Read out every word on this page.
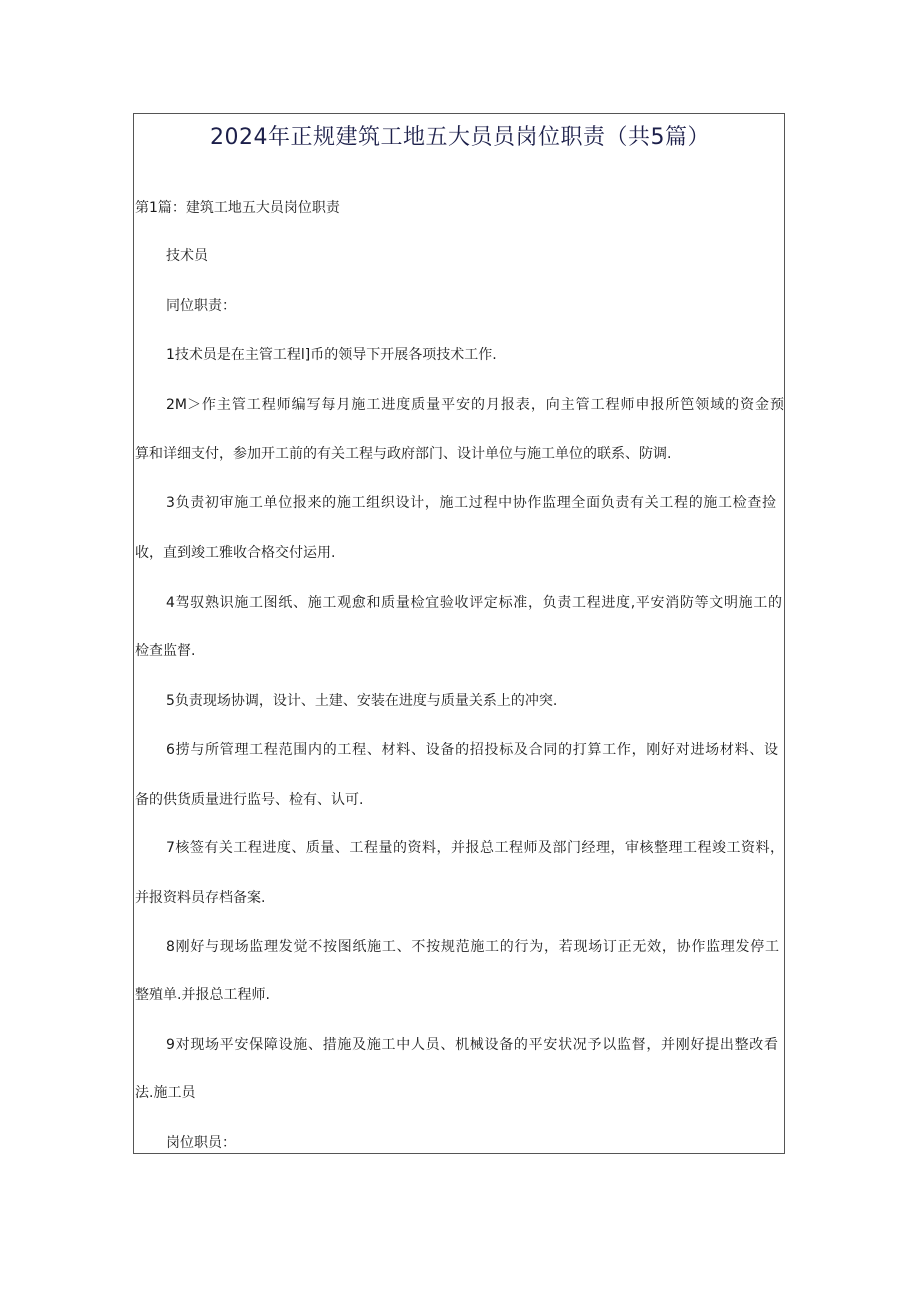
2024年正规建筑工地五大员员岗位职责（共5篇）

第1篇：建筑工地五大员岗位职责

技术员

同位职责：

1技术员是在主管工程l]币的领导下开展各项技术工作.

2M＞作主管工程师编写每月施工进度质量平安的月报表，向主管工程师申报所笆领域的资金预

算和详细支付，参加开工前的有关工程与政府部门、设计单位与施工单位的联系、防调.

3负责初审施工单位报来的施工组织设计，施工过程中协作监理全面负责有关工程的施工检查捡

收，直到竣工雅收合格交付运用.

4驾驭熟识施工图纸、施工观愈和质量检宜验收评定标准，负责工程进度,平安消防等文明施工的

检查监督.

5负责现场协调，设计、土建、安装在进度与质量关系上的冲突.

6捞与所管理工程范围内的工程、材料、设备的招投标及合同的打算工作，刚好对进场材料、设

备的供货质量进行监号、检有、认可.

7核签有关工程进度、质量、工程量的资料，并报总工程师及部门经理，审核整理工程竣工资料，

并报资料员存档备案.

8刚好与现场监理发觉不按图纸施工、不按规范施工的行为，若现场订正无效，协作监理发停工

整殖单.并报总工程师.

9对现场平安保障设施、措施及施工中人员、机械设备的平安状况予以监督，并刚好提出整改看

法.施工员

岗位职员：
